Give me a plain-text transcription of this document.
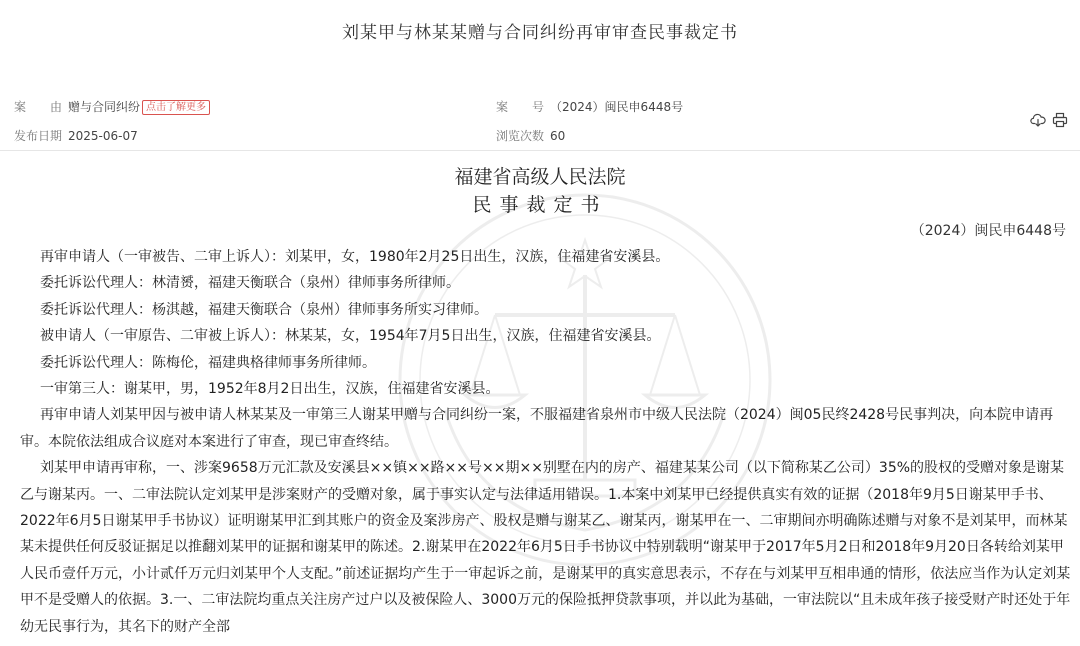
刘某甲与林某某赠与合同纠纷再审审查民事裁定书
案　　由 赠与合同纠纷 点击了解更多	案　　号 （2024）闽民申6448号
发布日期 2025-06-07	浏览次数 60
福建省高级人民法院
民事裁定书
（2024）闽民申6448号

再审申请人（一审被告、二审上诉人）：刘某甲，女，1980年2月25日出生，汉族，住福建省安溪县。

委托诉讼代理人：林清赟，福建天衡联合（泉州）律师事务所律师。

委托诉讼代理人：杨淇越，福建天衡联合（泉州）律师事务所实习律师。

被申请人（一审原告、二审被上诉人）：林某某，女，1954年7月5日出生，汉族，住福建省安溪县。

委托诉讼代理人：陈梅伦，福建典格律师事务所律师。

一审第三人：谢某甲，男，1952年8月2日出生，汉族，住福建省安溪县。

再审申请人刘某甲因与被申请人林某某及一审第三人谢某甲赠与合同纠纷一案，不服福建省泉州市中级人民法院（2024）闽05民终2428号民事判决，向本院申请再审。本院依法组成合议庭对本案进行了审查，现已审查终结。

刘某甲申请再审称，一、涉案9658万元汇款及安溪县××镇××路××号××期××别墅在内的房产、福建某某公司（以下简称某乙公司）35%的股权的受赠对象是谢某乙与谢某丙。一、二审法院认定刘某甲是涉案财产的受赠对象，属于事实认定与法律适用错误。1.本案中刘某甲已经提供真实有效的证据（2018年9月5日谢某甲手书、2022年6月5日谢某甲手书协议）证明谢某甲汇到其账户的资金及案涉房产、股权是赠与谢某乙、谢某丙，谢某甲在一、二审期间亦明确陈述赠与对象不是刘某甲，而林某某未提供任何反驳证据足以推翻刘某甲的证据和谢某甲的陈述。2.谢某甲在2022年6月5日手书协议中特别载明“谢某甲于2017年5月2日和2018年9月20日各转给刘某甲人民币壹仟万元，小计贰仟万元归刘某甲个人支配。”前述证据均产生于一审起诉之前，是谢某甲的真实意思表示，不存在与刘某甲互相串通的情形，依法应当作为认定刘某甲不是受赠人的依据。3.一、二审法院均重点关注房产过户以及被保险人、3000万元的保险抵押贷款事项，并以此为基础，一审法院以“且未成年孩子接受财产时还处于年幼无民事行为，其名下的财产全部
